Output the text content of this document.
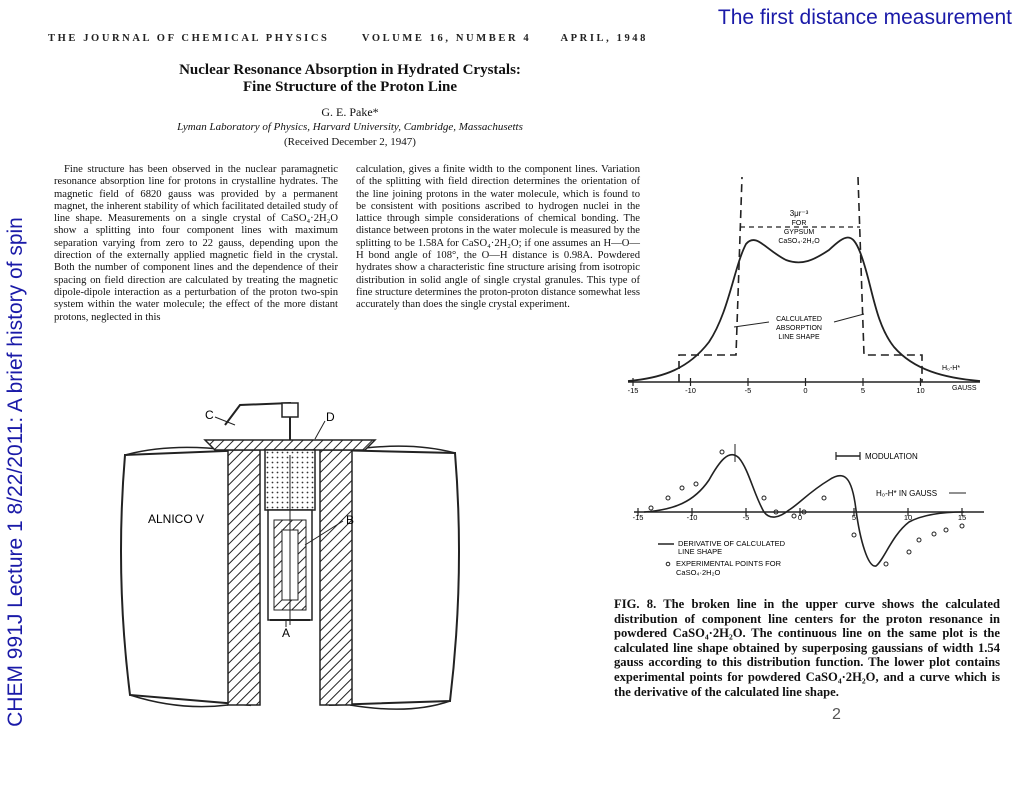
The first distance measurement
CHEM 991J Lecture 1 8/22/2011: A brief history of spin
THE JOURNAL OF CHEMICAL PHYSICS	VOLUME 16, NUMBER 4	APRIL, 1948
Nuclear Resonance Absorption in Hydrated Crystals:
Fine Structure of the Proton Line
G. E. Pake*
Lyman Laboratory of Physics, Harvard University, Cambridge, Massachusetts
(Received December 2, 1947)
Fine structure has been observed in the nuclear paramagnetic resonance absorption line for protons in crystalline hydrates. The magnetic field of 6820 gauss was provided by a permanent magnet, the inherent stability of which facilitated detailed study of line shape. Measurements on a single crystal of CaSO₄·2H₂O show a splitting into four component lines with maximum separation varying from zero to 22 gauss, depending upon the direction of the externally applied magnetic field in the crystal. Both the number of component lines and the dependence of their spacing on field direction are calculated by treating the magnetic dipole-dipole interaction as a perturbation of the proton two-spin system within the water molecule; the effect of the more distant protons, neglected in this
calculation, gives a finite width to the component lines. Variation of the splitting with field direction determines the orientation of the line joining protons in the water molecule, which is found to be consistent with positions ascribed to hydrogen nuclei in the lattice through simple considerations of chemical bonding. The distance between protons in the water molecule is measured by the splitting to be 1.58A for CaSO₄·2H₂O; if one assumes an H—O—H bond angle of 108°, the O—H distance is 0.98A. Powdered hydrates show a characteristic fine structure arising from isotropic distribution in solid angle of single crystal granules. This type of fine structure determines the proton-proton distance somewhat less accurately than does the single crystal experiment.
C	D
B
A
ALNICO V
-15	-10	-5	0	5	10
3μr⁻³
FOR
GYPSUM
CaSO₄·2H₂O
CALCULATED
ABSORPTION
LINE SHAPE
H₀-H*
GAUSS
-15	-10	-5	0	5	10	15
MODULATION
H₀-H* IN GAUSS
DERIVATIVE OF CALCULATED
LINE SHAPE
EXPERIMENTAL POINTS FOR
CaSO₄·2H₂O
FIG. 8. The broken line in the upper curve shows the calculated distribution of component line centers for the proton resonance in powdered CaSO₄·2H₂O. The continuous line on the same plot is the calculated line shape obtained by superposing gaussians of width 1.54 gauss according to this distribution function. The lower plot contains experimental points for powdered CaSO₄·2H₂O, and a curve which is the derivative of the calculated line shape.
2
